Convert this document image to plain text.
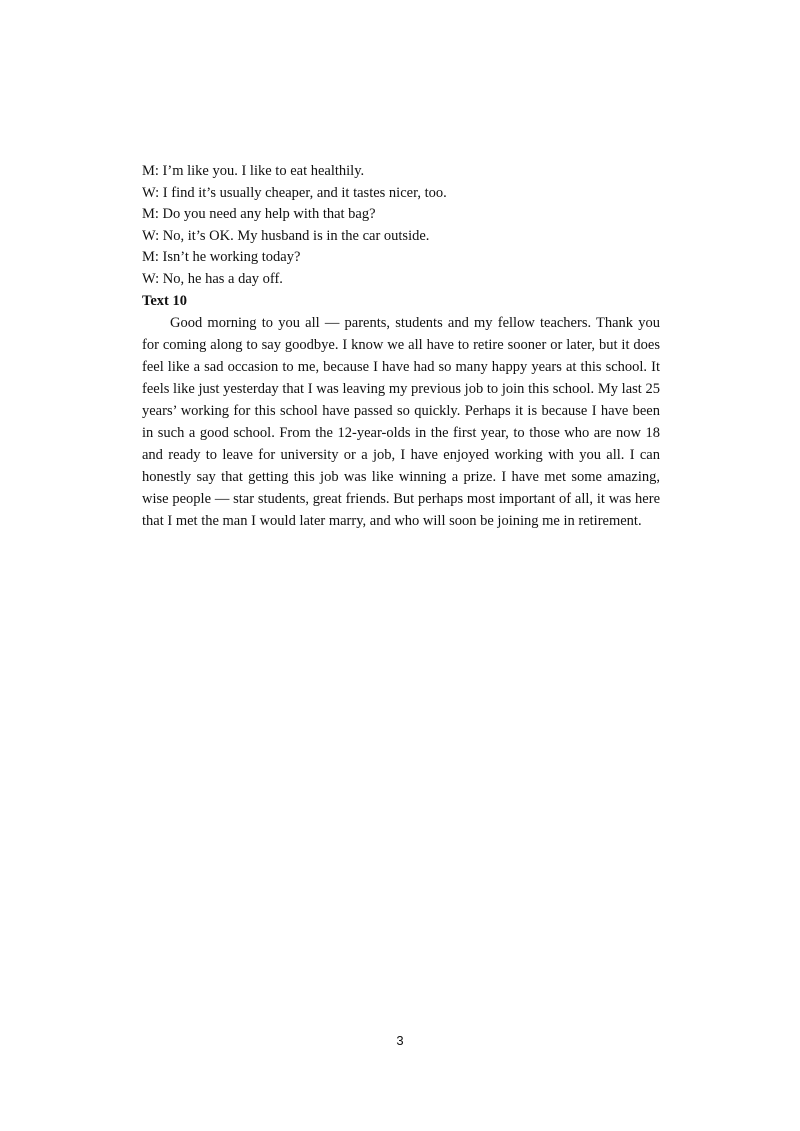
M: I’m like you. I like to eat healthily.

W: I find it’s usually cheaper, and it tastes nicer, too.

M: Do you need any help with that bag?

W: No, it’s OK. My husband is in the car outside.

M: Isn’t he working today?

W: No, he has a day off.

Text 10

Good morning to you all — parents, students and my fellow teachers. Thank you for coming along to say goodbye. I know we all have to retire sooner or later, but it does feel like a sad occasion to me, because I have had so many happy years at this school. It feels like just yesterday that I was leaving my previous job to join this school. My last 25 years’ working for this school have passed so quickly. Perhaps it is because I have been in such a good school. From the 12-year-olds in the first year, to those who are now 18 and ready to leave for university or a job, I have enjoyed working with you all. I can honestly say that getting this job was like winning a prize. I have met some amazing, wise people — star students, great friends. But perhaps most important of all, it was here that I met the man I would later marry, and who will soon be joining me in retirement.

3
